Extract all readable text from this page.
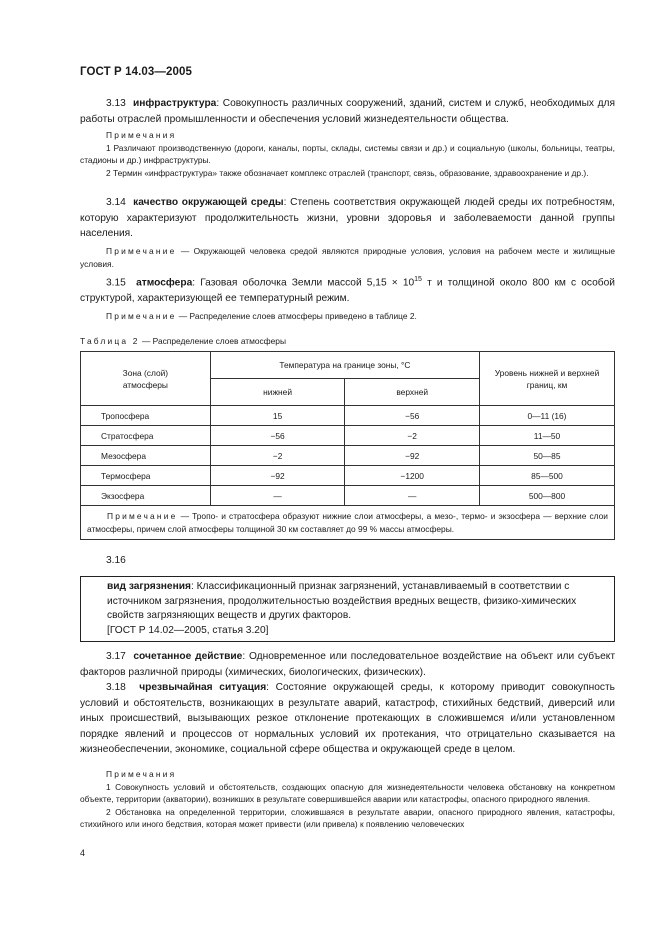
ГОСТ Р 14.03—2005
3.13 инфраструктура: Совокупность различных сооружений, зданий, систем и служб, необходимых для работы отраслей промышленности и обеспечения условий жизнедеятельности общества.
Примечания
1 Различают производственную (дороги, каналы, порты, склады, системы связи и др.) и социальную (школы, больницы, театры, стадионы и др.) инфраструктуры.
2 Термин «инфраструктура» также обозначает комплекс отраслей (транспорт, связь, образование, здравоохранение и др.).
3.14 качество окружающей среды: Степень соответствия окружающей людей среды их потребностям, которую характеризуют продолжительность жизни, уровни здоровья и заболеваемости данной группы населения.
Примечание — Окружающей человека средой являются природные условия, условия на рабочем месте и жилищные условия.
3.15 атмосфера: Газовая оболочка Земли массой $5,15 \times 10^{15}$ т и толщиной около 800 км с особой структурой, характеризующей ее температурный режим.
Примечание — Распределение слоев атмосферы приведено в таблице 2.
Таблица 2 — Распределение слоев атмосферы
Зона (слой) атмосферы	Температура на границе зоны, °С		Уровень нижней и верхней границ, км

	нижней	верхней	
Тропосфера	15	−56	0—11 (16)
Стратосфера	−56	−2	11—50
Мезосфера	−2	−92	50—85
Термосфера	−92	−1200	85—500
Экзосфера	—	—	500—800
Примечание — Тропо- и стратосфера образуют нижние слои атмосферы, а мезо-, термо- и экзосфера — верхние слои атмосферы, причем слой атмосферы толщиной 30 км составляет до 99 % массы атмосферы.			
3.16
вид загрязнения: Классификационный признак загрязнений, устанавливаемый в соответствии с источником загрязнения, продолжительностью воздействия вредных веществ, физико-химических свойств загрязняющих веществ и других факторов.
[ГОСТ Р 14.02—2005, статья 3.20]
3.17 сочетанное действие: Одновременное или последовательное воздействие на объект или субъект факторов различной природы (химических, биологических, физических).
3.18 чрезвычайная ситуация: Состояние окружающей среды, к которому приводит совокупность условий и обстоятельств, возникающих в результате аварий, катастроф, стихийных бедствий, диверсий или иных происшествий, вызывающих резкое отклонение протекающих в сложившемся и/или установленном порядке явлений и процессов от нормальных условий их протекания, что отрицательно сказывается на жизнеобеспечении, экономике, социальной сфере общества и окружающей среде в целом.
Примечания
1 Совокупность условий и обстоятельств, создающих опасную для жизнедеятельности человека обстановку на конкретном объекте, территории (акватории), возникших в результате совершившейся аварии или катастрофы, опасного природного явления.
2 Обстановка на определенной территории, сложившаяся в результате аварии, опасного природного явления, катастрофы, стихийного или иного бедствия, которая может привести (или привела) к появлению человеческих
4
